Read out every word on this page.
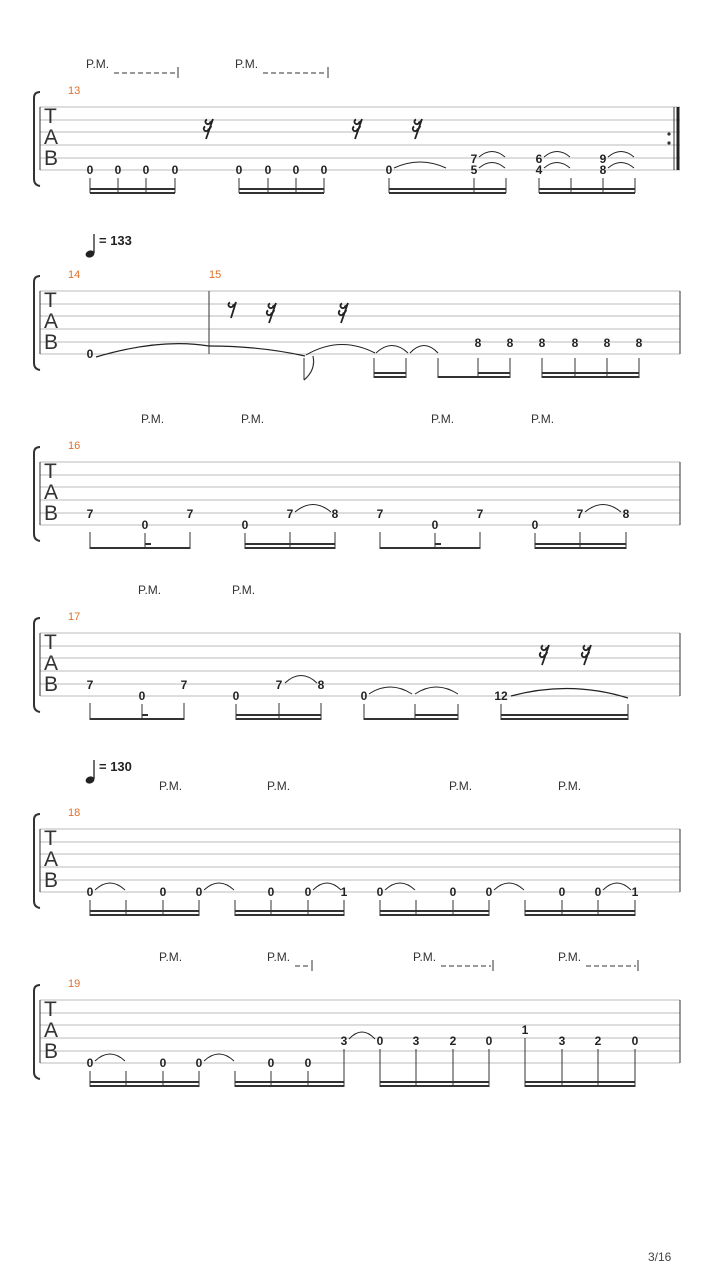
P.M.	P.M.
13
T
A
B 0 0 0 0	0 0 0 0	0
7
5
6
4
9
8
= 133
14	15
T
A
B 0
8 8 8 8 8 8
P.M.	P.M.	P.M.	P.M.
16
T
A
B 7
0
7
0
7	8	7
0
7
0
7	8
P.M.	P.M.
17
T
A
B 7
0
7
0
7	8
0	12
= 130
P.M.	P.M.	P.M.	P.M.
18
T
A
B 0	0 0	0	0 1 0	0 0	0 0	1
P.M.	P.M.	P.M.	P.M.
19
T
A
B 0	0 0	0	0
3 0 3	2 0
1
3 2	0
3/16
